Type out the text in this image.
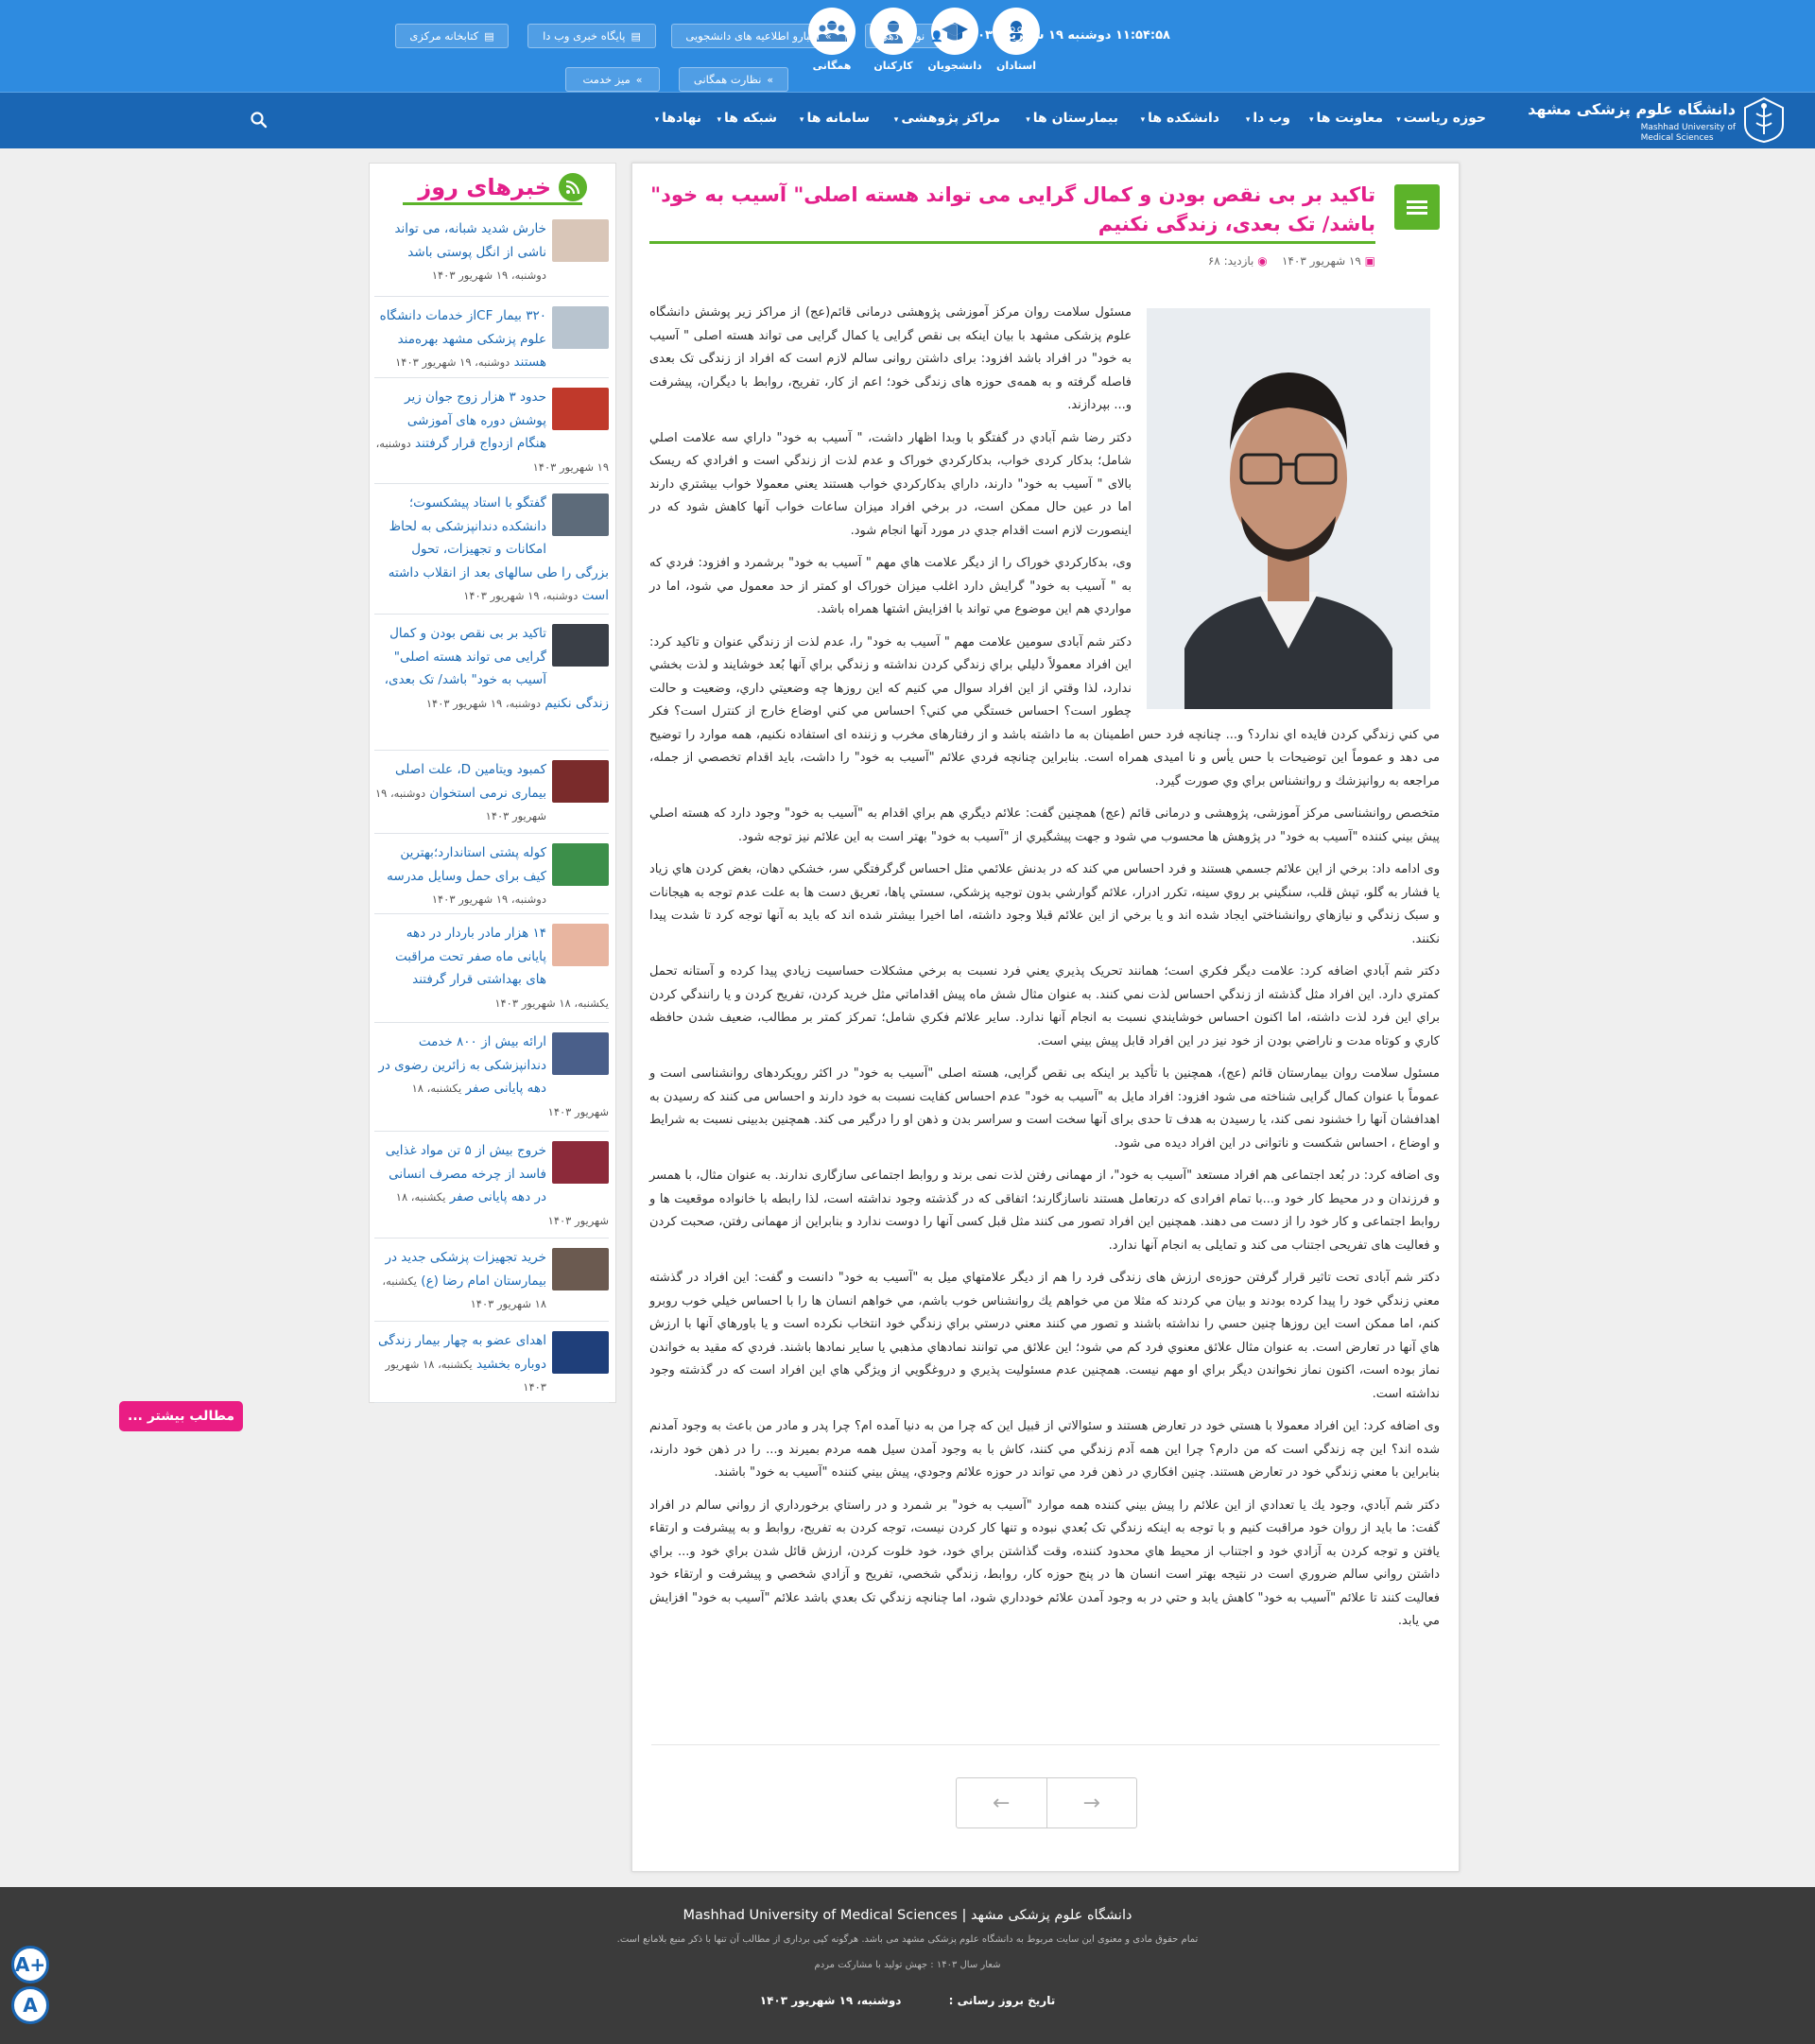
استادان
دانشجویان
کارکنان
همگانی
۱۱:۵۴:۵۸ دوشنبه ۱۹ شهریور ۱۴۰۳
👤
نوبت دهی
»
اخبارو اطلاعیه های دانشجویی
▤
پایگاه خبری وب دا
▤
کتابخانه مرکزی
»
نظارت همگانی
»
میز خدمت
دانشگاه علوم پزشکی مشهد
Mashhad University of
Medical Sciences
حوزه ریاست▾
معاونت ها▾
وب دا▾
دانشکده ها▾
بیمارستان ها▾
مراکز پژوهشی▾
سامانه ها▾
شبکه ها▾
نهادها▾
تاکید بر بی نقص بودن و کمال گرایی می تواند هسته اصلی" آسیب به خود" باشد/ تک بعدی، زندگی نکنیم
▣ ۱۹ شهریور ۱۴۰۳    ◉ بازدید: ۶۸

مسئول سلامت روان مرکز آموزشی پژوهشی درمانی قائم(عج) از مراکز زیر پوشش دانشگاه علوم پزشکی مشهد با بیان اینکه بی نقص گرایی یا کمال گرایی می تواند هسته اصلی " آسیب به خود" در افراد باشد افزود: برای داشتن روانی سالم لازم است که افراد از زندگی تک بعدی فاصله گرفته و به همه‌ی حوزه های زندگی خود؛ اعم از کار، تفریح، روابط با دیگران، پیشرفت و... بپردازند.

دکتر رضا شم آبادي در گفتگو با وبدا اظهار داشت، " آسیب به خود" داراي سه علامت اصلي شامل؛ بدکار کردی خواب، بدکارکردي خوراک و عدم لذت از زندگي است و افرادي که ریسک بالای " آسیب به خود" دارند، داراي بدکارکردي خواب هستند يعني معمولا خواب بیشتري دارند اما در عین حال ممکن است، در برخي افراد میزان ساعات خواب آنها کاهش شود که در اينصورت لازم است اقدام جدي در مورد آنها انجام شود.

وی، بدکارکردي خوراک را از دیگر علامت هاي مهم " آسیب به خود" برشمرد و افزود: فردي که به " آسیب به خود" گرايش دارد اغلب میزان خوراک او کمتر از حد معمول مي شود، اما در مواردي هم اين موضوع مي تواند با افزايش اشتها همراه باشد.

دکتر شم آبادی سومین علامت مهم " آسیب به خود" را، عدم لذت از زندگي عنوان و تاکید کرد: اين افراد معمولاً دليلي براي زندگي کردن نداشته و زندگي براي آنها بُعد خوشايند و لذت بخشي ندارد، لذا وقتي از اين افراد سوال مي کنيم که اين روزها چه وضعيتي داري، وضعيت و حالت چطور است؟ احساس خستگي مي کني؟ احساس مي کني اوضاع خارج از کنترل است؟ فکر مي کني زندگي کردن فايده اي ندارد؟ و... چنانچه فرد حس اطمینان به ما داشته باشد و از رفتارهای مخرب و زننده ای استفاده نکنیم، همه موارد را توضیح می دهد و عموماً این توضیحات با حس یأس و نا امیدی همراه است. بنابراين چنانچه فردي علائم "آسیب به خود" را داشت، بايد اقدام تخصصي از جمله، مراجعه به روانپزشك و روانشناس براي وي صورت گيرد.

متخصص روانشناسی مرکز آموزشی، پژوهشی و درمانی قائم (عج) همچنين گفت: علائم ديگري هم براي اقدام به "آسیب به خود" وجود دارد که هسته اصلي پيش بيني کننده "آسیب به خود" در پژوهش ها محسوب مي شود و جهت پيشگيري از "آسیب به خود" بهتر است به اين علائم نيز توجه شود.

وی ادامه داد: برخي از اين علائم جسمي هستند و فرد احساس مي کند که در بدنش علائمي مثل احساس گرگرفتگي سر، خشکي دهان، بغض کردن هاي زياد يا فشار به گلو، تپش قلب، سنگيني بر روي سينه، تکرر ادرار، علائم گوارشي بدون توجيه پزشکي، سستي پاها، تعريق دست ها به علت عدم توجه به هيجانات و سبک زندگي و نيازهاي روانشناختي ايجاد شده اند و يا برخي از اين علائم قبلا وجود داشته، اما اخيرا بيشتر شده اند که بايد به آنها توجه کرد تا شدت پيدا نکنند.

دکتر شم آبادي اضافه کرد: علامت ديگر فکري است؛ همانند تحريک پذيري يعني فرد نسبت به برخي مشکلات حساسيت زيادي پيدا کرده و آستانه تحمل کمتري دارد. اين افراد مثل گذشته از زندگي احساس لذت نمي کنند. به عنوان مثال شش ماه پيش اقداماتي مثل خريد کردن، تفريح کردن و يا رانندگي کردن براي اين فرد لذت داشته، اما اکنون احساس خوشايندي نسبت به انجام آنها ندارد. ساير علائم فکري شامل؛ تمرکز کمتر بر مطالب، ضعيف شدن حافظه کاري و کوتاه مدت و ناراضي بودن از خود نيز در اين افراد قابل پيش بيني است.

مسئول سلامت روان بیمارستان قائم (عج)، همچنین با تأکید بر اینکه بی نقص گرایی، هسته اصلی "آسیب به خود" در اکثر رویکردهای روانشناسی است و عموماً با عنوان کمال گرایی شناخته می شود افزود: افراد مایل به "آسیب به خود" عدم احساس کفایت نسبت به خود دارند و احساس می کنند که رسیدن به اهدافشان آنها را خشنود نمی کند، یا رسیدن به هدف تا حدی برای آنها سخت است و سراسر بدن و ذهن او را درگیر می کند. همچنین بدبینی نسبت به شرایط و اوضاع ، احساس شکست و ناتوانی در این افراد دیده می شود.

وی اضافه کرد: در بُعد اجتماعی هم افراد مستعد "آسیب به خود"، از مهمانی رفتن لذت نمی برند و روابط اجتماعی سازگاری ندارند. به عنوان مثال، با همسر و فرزندان و در محیط کار خود و...با تمام افرادی که درتعامل هستند ناسازگارند؛ اتفاقی که در گذشته وجود نداشته است، لذا رابطه با خانواده موقعیت ها و روابط اجتماعی و کار خود را از دست می دهند. همچنین این افراد تصور می کنند مثل قبل کسی آنها را دوست ندارد و بنابراین از مهمانی رفتن، صحبت کردن و فعالیت های تفریحی اجتناب می کند و تمایلی به انجام آنها ندارد.

دکتر شم آبادی تحت تاثیر قرار گرفتن حوزه‌ی ارزش های زندگی فرد را هم از ديگر علامتهاي ميل به "آسیب به خود" دانست و گفت: اين افراد در گذشته معني زندگي خود را پيدا کرده بودند و بيان مي کردند که مثلا من مي خواهم يك روانشناس خوب باشم، مي خواهم انسان ها را با احساس خيلي خوب روبرو کنم، اما ممکن است اين روزها چنين حسي را نداشته باشند و تصور مي کنند معني درستي براي زندگي خود انتخاب نکرده است و يا باورهاي آنها با ارزش هاي آنها در تعارض است. به عنوان مثال علائق معنوي فرد کم مي شود؛ اين علائق مي توانند نمادهاي مذهبي يا ساير نمادها باشند. فردي که مقيد به خواندن نماز بوده است، اکنون نماز نخواندن ديگر براي او مهم نيست. همچنين عدم مسئوليت پذيري و دروغگويي از ويژگي هاي اين افراد است که در گذشته وجود نداشته است.

وی اضافه کرد: اين افراد معمولا با هستي خود در تعارض هستند و سئوالاتي از قبيل اين که چرا من به دنيا آمده ام؟ چرا پدر و مادر من باعث به وجود آمدنم شده اند؟ اين چه زندگي است که من دارم؟ چرا اين همه آدم زندگي مي کنند، کاش با به وجود آمدن سيل همه مردم بميرند و... را در ذهن خود دارند، بنابراين با معني زندگي خود در تعارض هستند. چنين افکاري در ذهن فرد مي تواند در حوزه علائم وجودي، پيش بيني کننده "آسیب به خود" باشند.

دکتر شم آبادي، وجود يك يا تعدادي از اين علائم را پيش بيني کننده همه موارد "آسیب به خود" بر شمرد و در راستاي برخورداري از رواني سالم در افراد گفت: ما بايد از روان خود مراقبت کنيم و با توجه به اينکه زندگي تک بُعدي نبوده و تنها کار کردن نيست، توجه کردن به تفريح، روابط و به پيشرفت و ارتقاء يافتن و توجه کردن به آزادي خود و اجتناب از محيط هاي محدود کننده، وقت گذاشتن براي خود، خود خلوت کردن، ارزش قائل شدن براي خود و... براي داشتن رواني سالم ضروري است در نتيجه بهتر است انسان ها در پنج حوزه کار، روابط، زندگي شخصي، تفريح و آزادي شخصي و پيشرفت و ارتقاء خود فعاليت کنند تا علائم "آسیب به خود" کاهش يابد و حتي در به وجود آمدن علائم خودداري شود، اما چنانچه زندگي تک بعدي باشد علائم "آسیب به خود" افزايش مي يابد.

←	→
خبرهای روز
خارش شدید شبانه، می تواند ناشی از انگل پوستی باشد دوشنبه، ۱۹ شهریور ۱۴۰۳
۳۲۰ بیمار CFاز خدمات دانشگاه علوم پزشکی مشهد بهره‌مند هستند دوشنبه، ۱۹ شهریور ۱۴۰۳
حدود ۳ هزار زوج جوان زیر پوشش دوره های آموزشی هنگام ازدواج قرار گرفتند دوشنبه، ۱۹ شهریور ۱۴۰۳
گفتگو با استاد پیشکسوت؛ دانشکده دندانپزشکی به لحاظ امکانات و تجهیزات، تحول بزرگی را طی سالهای بعد از انقلاب داشته است دوشنبه، ۱۹ شهریور ۱۴۰۳
تاکید بر بی نقص بودن و کمال گرایی می تواند هسته اصلی" آسیب به خود" باشد/ تک بعدی، زندگی نکنیم دوشنبه، ۱۹ شهریور ۱۴۰۳
کمبود ویتامین D، علت اصلی بیماری نرمی استخوان دوشنبه، ۱۹ شهریور ۱۴۰۳
کوله پشتی استاندارد؛بهترین کیف برای حمل وسایل مدرسه دوشنبه، ۱۹ شهریور ۱۴۰۳
۱۴ هزار مادر باردار در دهه پایانی ماه صفر تحت مراقبت های بهداشتی قرار گرفتند یکشنبه، ۱۸ شهریور ۱۴۰۳
ارائه بیش از ۸۰۰ خدمت دندانپزشکی به زائرین رضوی در دهه پایانی صفر یکشنبه، ۱۸ شهریور ۱۴۰۳
خروج بیش از ۵ تن مواد غذایی فاسد از چرخه مصرف انسانی در دهه پایانی صفر یکشنبه، ۱۸ شهریور ۱۴۰۳
خرید تجهیزات پزشکی جدید در بیمارستان امام رضا (ع) یکشنبه، ۱۸ شهریور ۱۴۰۳
اهدای عضو به چهار بیمار زندگی دوباره بخشید یکشنبه، ۱۸ شهریور ۱۴۰۳
مطالب بیشتر ...
دانشگاه علوم پزشکی مشهد | Mashhad University of Medical Sciences
تمام حقوق مادی و معنوی این سایت مربوط به دانشگاه علوم پزشکی مشهد می باشد. هرگونه کپی برداری از مطالب آن تنها با ذکر منبع بلامانع است.
شعار سال ۱۴۰۳ : جهش تولید با مشارکت مردم
تاریخ بروز رسانی :            دوشنبه، ۱۹ شهریور ۱۴۰۳
A+
A
